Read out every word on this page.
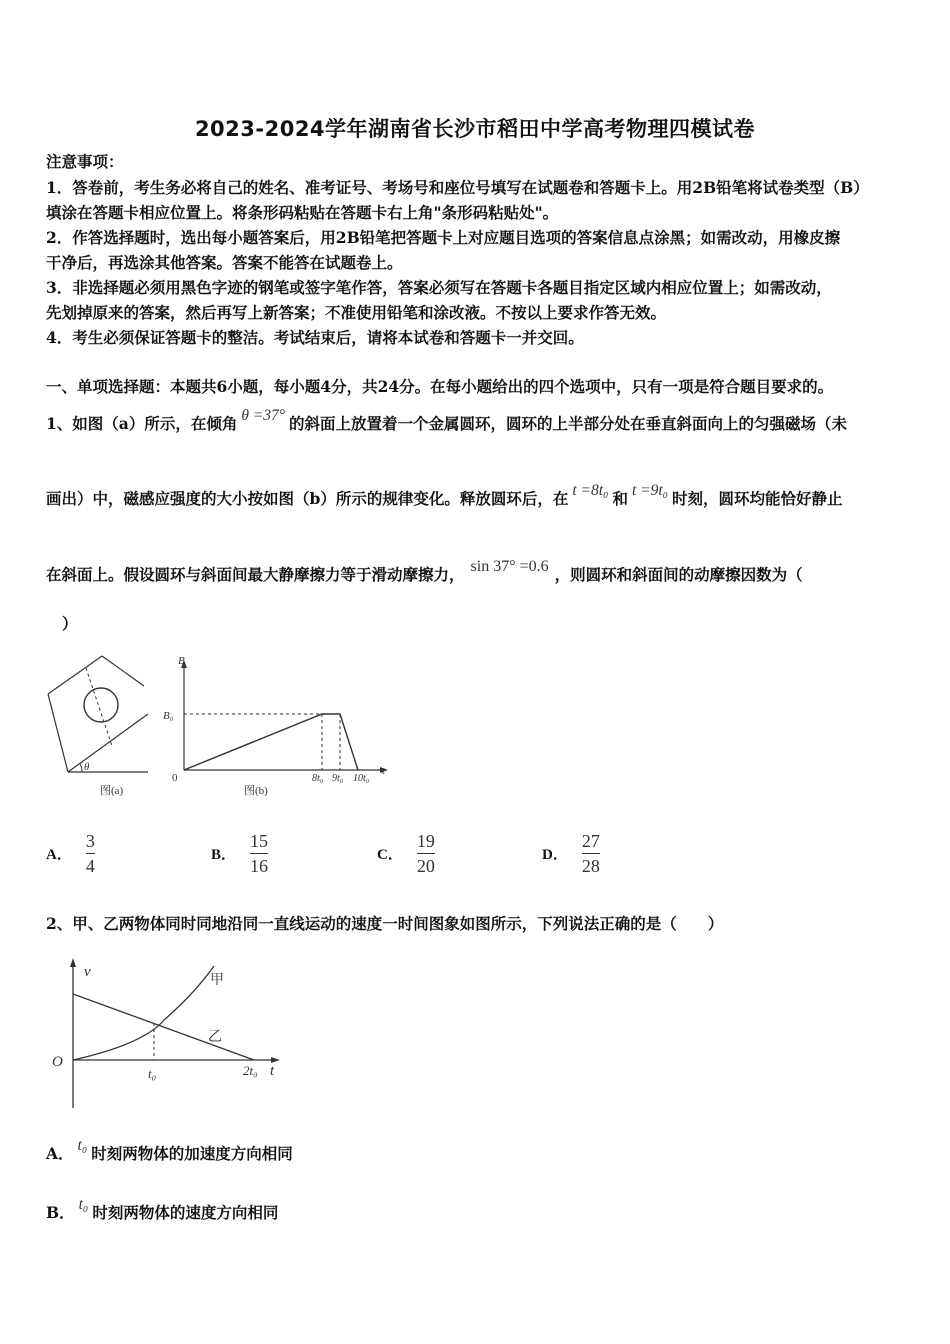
2023-2024学年湖南省长沙市稻田中学高考物理四模试卷
注意事项：
1．答卷前，考生务必将自己的姓名、准考证号、考场号和座位号填写在试题卷和答题卡上。用2B铅笔将试卷类型（B）
填涂在答题卡相应位置上。将条形码粘贴在答题卡右上角"条形码粘贴处"。
2．作答选择题时，选出每小题答案后，用2B铅笔把答题卡上对应题目选项的答案信息点涂黑；如需改动，用橡皮擦
干净后，再选涂其他答案。答案不能答在试题卷上。
3．非选择题必须用黑色字迹的钢笔或签字笔作答，答案必须写在答题卡各题目指定区域内相应位置上；如需改动，
先划掉原来的答案，然后再写上新答案；不准使用铅笔和涂改液。不按以上要求作答无效。
4．考生必须保证答题卡的整洁。考试结束后，请将本试卷和答题卡一并交回。
一、单项选择题：本题共6小题，每小题4分，共24分。在每小题给出的四个选项中，只有一项是符合题目要求的。
1、如图（a）所示，在倾角 θ =37° 的斜面上放置着一个金属圆环，圆环的上半部分处在垂直斜面向上的匀强磁场（未
画出）中，磁感应强度的大小按如图（b）所示的规律变化。释放圆环后，在 t =8t₀ 和 t =9t₀ 时刻，圆环均能恰好静止
在斜面上。假设圆环与斜面间最大静摩擦力等于滑动摩擦力， sin 37° =0.6 ，则圆环和斜面间的动摩擦因数为（
）
θ
图(a)
B
B₀
0
t
8t₀ 9t₀ 10t₀
图(b)
A． $\frac{3}{4}$	B． $\frac{15}{16}$	C． $\frac{19}{20}$	D． $\frac{27}{28}$
2、甲、乙两物体同时同地沿同一直线运动的速度一时间图象如图所示，下列说法正确的是（　　）
v
O
t
t₀	2t₀
甲
乙
A． t₀ 时刻两物体的加速度方向相同
B． t₀ 时刻两物体的速度方向相同
